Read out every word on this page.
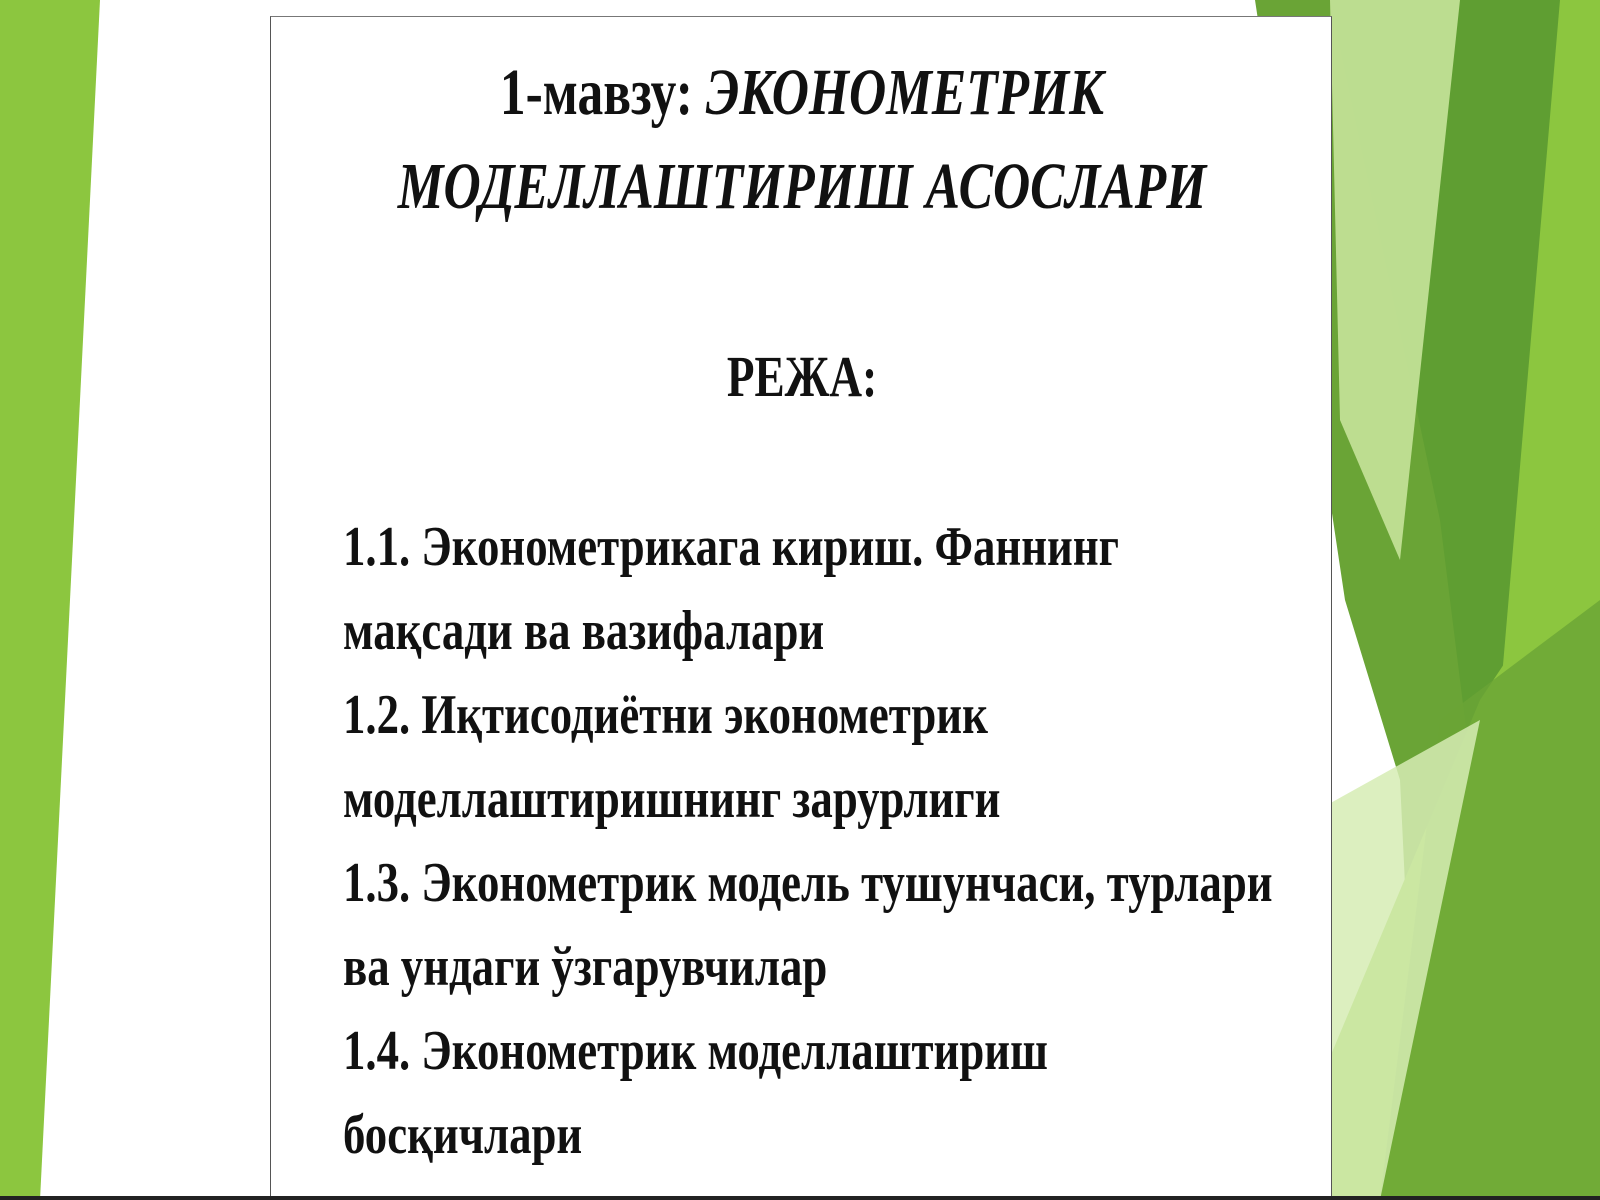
1-мавзу: ЭКОНОМЕТРИК
МОДЕЛЛАШТИРИШ АСОСЛАРИ
РЕЖА:
1.1. Эконометрикага кириш. Фаннинг
мақсади ва вазифалари
1.2. Иқтисодиётни эконометрик
моделлаштиришнинг зарурлиги
1.3. Эконометрик модель тушунчаси, турлари
ва ундаги ўзгарувчилар
1.4. Эконометрик моделлаштириш
босқичлари
